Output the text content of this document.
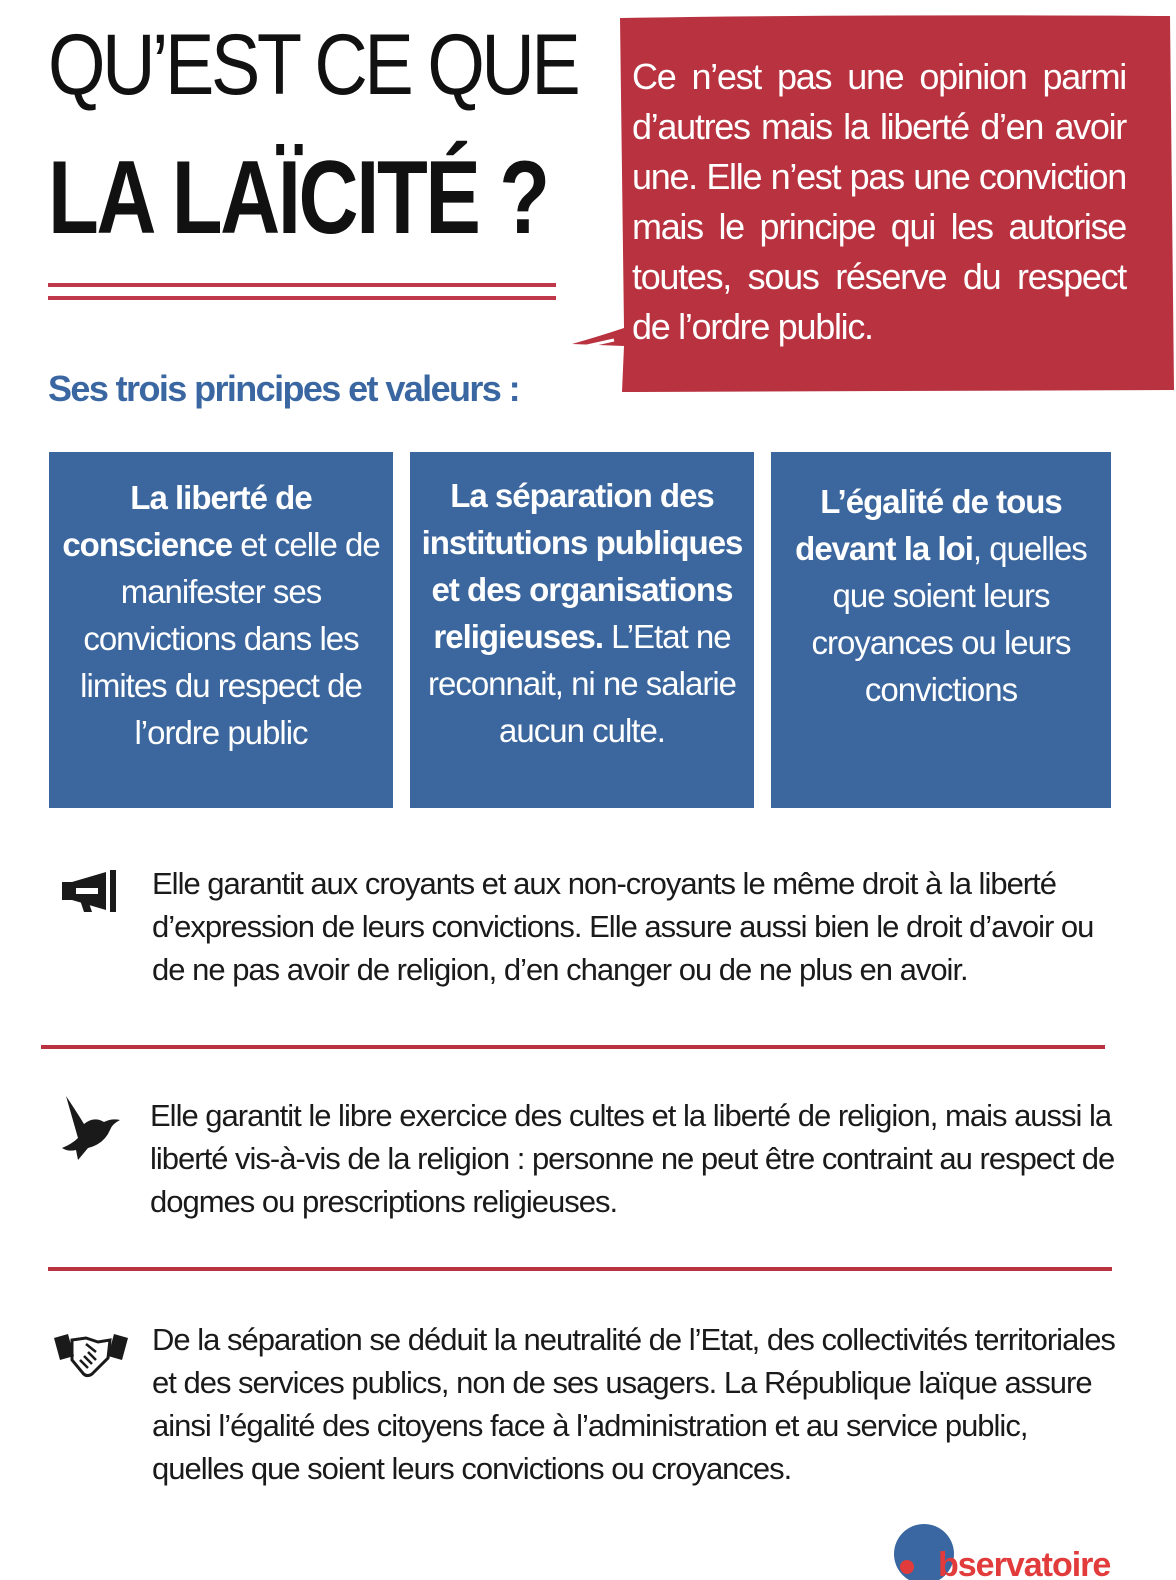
QU’EST CE QUE
LA LAÏCITÉ ?
Ce n’est pas une opinion parmi d’autres mais la liberté d’en avoir une. Elle n’est pas une conviction mais le principe qui les autorise toutes, sous réserve du respect de l’ordre public.
Ses trois principes et valeurs :
La liberté de conscience et celle de manifester ses convictions dans les limites du respect de l’ordre public
La séparation des institutions publiques et des organisations religieuses. L’Etat ne reconnait, ni ne salarie aucun culte.
L’égalité de tous devant la loi, quelles que soient leurs croyances ou leurs convictions
Elle garantit aux croyants et aux non-croyants le même droit à la liberté d’expression de leurs convictions. Elle assure aussi bien le droit d’avoir ou de ne pas avoir de religion, d’en changer ou de ne plus en avoir.
Elle garantit le libre exercice des cultes et la liberté de religion, mais aussi la liberté vis-à-vis de la religion : personne ne peut être contraint au respect de dogmes ou prescriptions religieuses.
De la séparation se déduit la neutralité de l’Etat, des collectivités territoriales et des services publics, non de ses usagers. La République laïque assure ainsi l’égalité des citoyens face à l’administration et au service public, quelles que soient leurs convictions ou croyances.
bservatoire
